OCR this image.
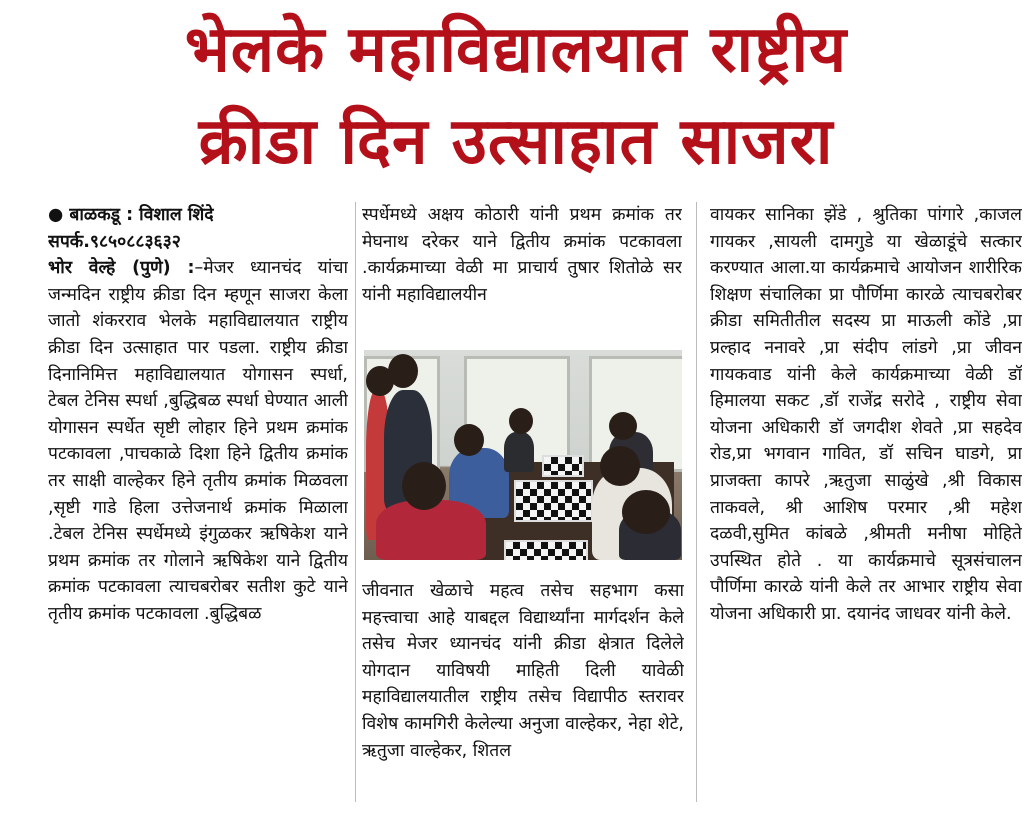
भेलके महाविद्यालयात राष्ट्रीय
क्रीडा दिन उत्साहात साजरा

● बाळकडू : विशाल शिंदे

सपर्क.९८५०८८३६३२

भोर वेल्हे (पुणे) :–मेजर ध्यानचंद यांचा जन्मदिन राष्ट्रीय क्रीडा दिन म्हणून साजरा केला जातो शंकरराव भेलके महाविद्यालयात राष्ट्रीय क्रीडा दिन उत्साहात पार पडला. राष्ट्रीय क्रीडा दिनानिमित्त महाविद्यालयात योगासन स्पर्धा, टेबल टेनिस स्पर्धा ,बुद्धिबळ स्पर्धा घेण्यात आली योगासन स्पर्धेत सृष्टी लोहार हिने प्रथम क्रमांक पटकावला ,पाचकाळे दिशा हिने द्वितीय क्रमांक तर साक्षी वाल्हेकर हिने तृतीय क्रमांक मिळवला ,सृष्टी गाडे हिला उत्तेजनार्थ क्रमांक मिळाला .टेबल टेनिस स्पर्धेमध्ये इंगुळकर ऋषिकेश याने प्रथम क्रमांक तर गोलाने ऋषिकेश याने द्वितीय क्रमांक पटकावला त्याचबरोबर सतीश कुटे याने तृतीय क्रमांक पटकावला .बुद्धिबळ

स्पर्धेमध्ये अक्षय कोठारी यांनी प्रथम क्रमांक तर मेघनाथ दरेकर याने द्वितीय क्रमांक पटकावला .कार्यक्रमाच्या वेळी मा प्राचार्य तुषार शितोळे सर यांनी महाविद्यालयीन

जीवनात खेळाचे महत्व तसेच सहभाग कसा महत्त्वाचा आहे याबद्दल विद्यार्थ्यांना मार्गदर्शन केले तसेच मेजर ध्यानचंद यांनी क्रीडा क्षेत्रात दिलेले योगदान याविषयी माहिती दिली यावेळी महाविद्यालयातील राष्ट्रीय तसेच विद्यापीठ स्तरावर विशेष कामगिरी केलेल्या अनुजा वाल्हेकर, नेहा शेटे, ऋतुजा वाल्हेकर, शितल

वायकर सानिका झेंडे , श्रुतिका पांगारे ,काजल गायकर ,सायली दामगुडे या खेळाडूंचे सत्कार करण्यात आला.या कार्यक्रमाचे आयोजन शारीरिक शिक्षण संचालिका प्रा पौर्णिमा कारळे त्याचबरोबर क्रीडा समितीतील सदस्य प्रा माऊली कोंडे ,प्रा प्रल्हाद ननावरे ,प्रा संदीप लांडगे ,प्रा जीवन गायकवाड यांनी केले कार्यक्रमाच्या वेळी डॉ हिमालया सकट ,डॉ राजेंद्र सरोदे , राष्ट्रीय सेवा योजना अधिकारी डॉ जगदीश शेवते ,प्रा सहदेव रोड,प्रा भगवान गावित, डॉ सचिन घाडगे, प्रा प्राजक्ता कापरे ,ऋतुजा साळुंखे ,श्री विकास ताकवले, श्री आशिष परमार ,श्री महेश दळवी,सुमित कांबळे ,श्रीमती मनीषा मोहिते उपस्थित होते . या कार्यक्रमाचे सूत्रसंचालन पौर्णिमा कारळे यांनी केले तर आभार राष्ट्रीय सेवा योजना अधिकारी प्रा. दयानंद जाधवर यांनी केले.
